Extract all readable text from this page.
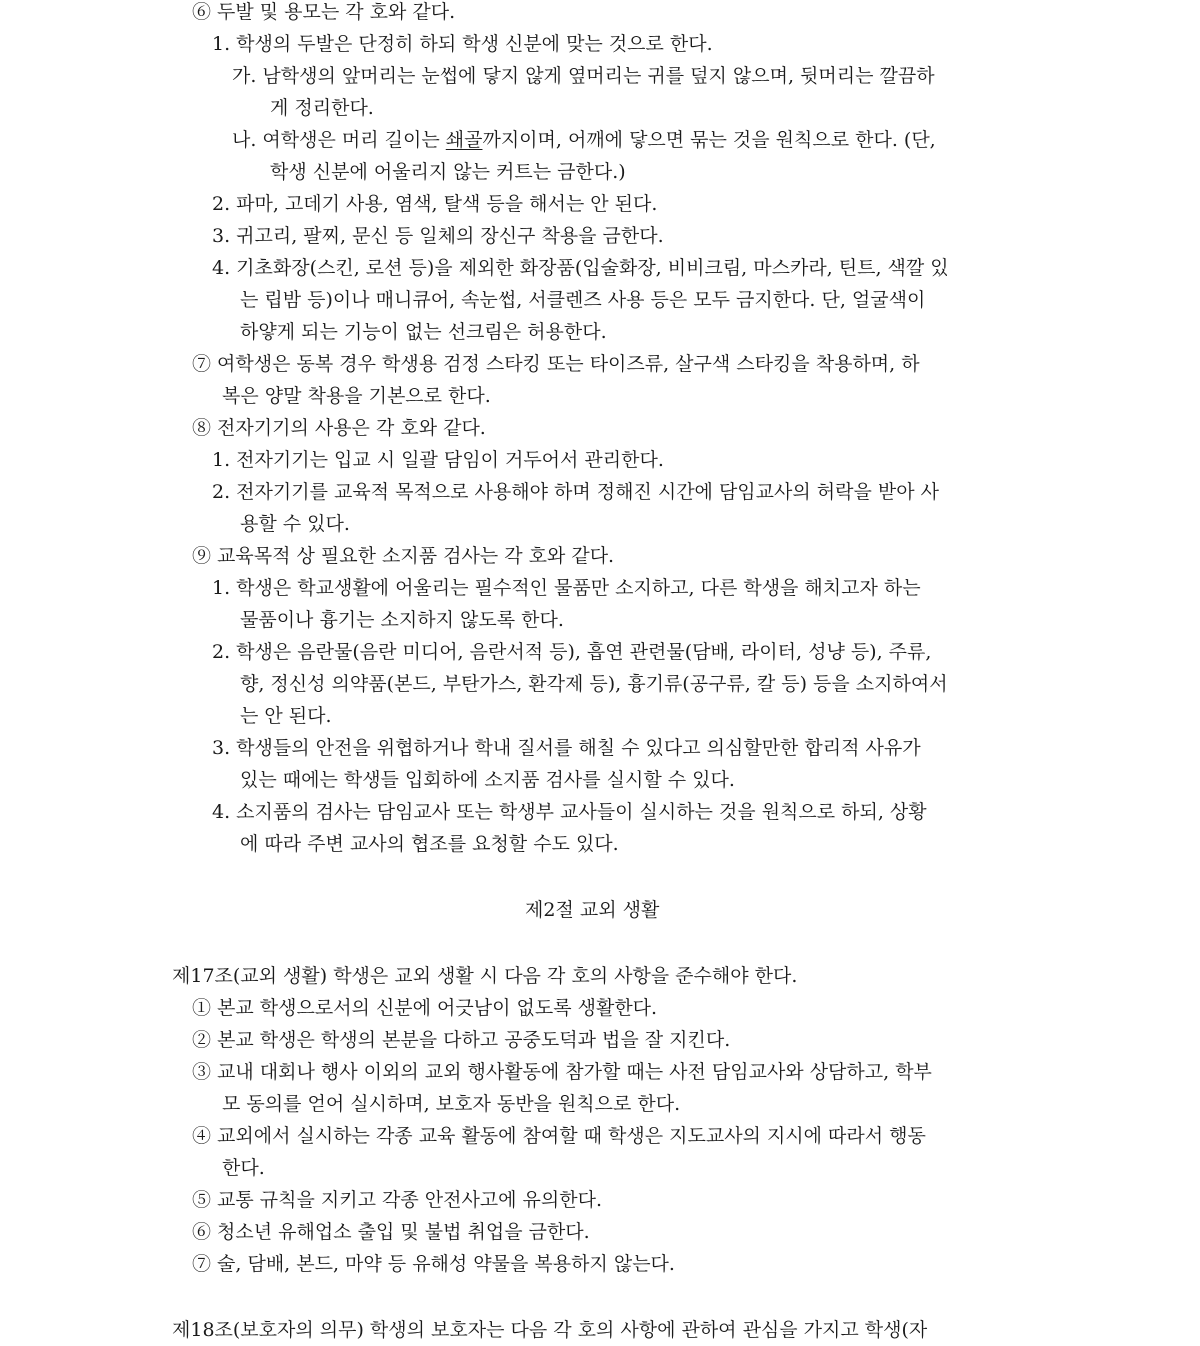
⑥ 두발 및 용모는 각 호와 같다.
1. 학생의 두발은 단정히 하되 학생 신분에 맞는 것으로 한다.
가. 남학생의 앞머리는 눈썹에 닿지 않게 옆머리는 귀를 덮지 않으며, 뒷머리는 깔끔하
게 정리한다.
나. 여학생은 머리 길이는 쇄골까지이며, 어깨에 닿으면 묶는 것을 원칙으로 한다. (단,
학생 신분에 어울리지 않는 커트는 금한다.)
2. 파마, 고데기 사용, 염색, 탈색 등을 해서는 안 된다.
3. 귀고리, 팔찌, 문신 등 일체의 장신구 착용을 금한다.
4. 기초화장(스킨, 로션 등)을 제외한 화장품(입술화장, 비비크림, 마스카라, 틴트, 색깔 있
는 립밤 등)이나 매니큐어, 속눈썹, 서클렌즈 사용 등은 모두 금지한다. 단, 얼굴색이
하얗게 되는 기능이 없는 선크림은 허용한다.
⑦ 여학생은 동복 경우 학생용 검정 스타킹 또는 타이즈류, 살구색 스타킹을 착용하며, 하
복은 양말 착용을 기본으로 한다.
⑧ 전자기기의 사용은 각 호와 같다.
1. 전자기기는 입교 시 일괄 담임이 거두어서 관리한다.
2. 전자기기를 교육적 목적으로 사용해야 하며 정해진 시간에 담임교사의 허락을 받아 사
용할 수 있다.
⑨ 교육목적 상 필요한 소지품 검사는 각 호와 같다.
1. 학생은 학교생활에 어울리는 필수적인 물품만 소지하고, 다른 학생을 해치고자 하는
물품이나 흉기는 소지하지 않도록 한다.
2. 학생은 음란물(음란 미디어, 음란서적 등), 흡연 관련물(담배, 라이터, 성냥 등), 주류,
향, 정신성 의약품(본드, 부탄가스, 환각제 등), 흉기류(공구류, 칼 등) 등을 소지하여서
는 안 된다.
3. 학생들의 안전을 위협하거나 학내 질서를 해칠 수 있다고 의심할만한 합리적 사유가
있는 때에는 학생들 입회하에 소지품 검사를 실시할 수 있다.
4. 소지품의 검사는 담임교사 또는 학생부 교사들이 실시하는 것을 원칙으로 하되, 상황
에 따라 주변 교사의 협조를 요청할 수도 있다.
제2절 교외 생활
제17조(교외 생활) 학생은 교외 생활 시 다음 각 호의 사항을 준수해야 한다.
① 본교 학생으로서의 신분에 어긋남이 없도록 생활한다.
② 본교 학생은 학생의 본분을 다하고 공중도덕과 법을 잘 지킨다.
③ 교내 대회나 행사 이외의 교외 행사활동에 참가할 때는 사전 담임교사와 상담하고, 학부
모 동의를 얻어 실시하며, 보호자 동반을 원칙으로 한다.
④ 교외에서 실시하는 각종 교육 활동에 참여할 때 학생은 지도교사의 지시에 따라서 행동
한다.
⑤ 교통 규칙을 지키고 각종 안전사고에 유의한다.
⑥ 청소년 유해업소 출입 및 불법 취업을 금한다.
⑦ 술, 담배, 본드, 마약 등 유해성 약물을 복용하지 않는다.
제18조(보호자의 의무) 학생의 보호자는 다음 각 호의 사항에 관하여 관심을 가지고 학생(자
